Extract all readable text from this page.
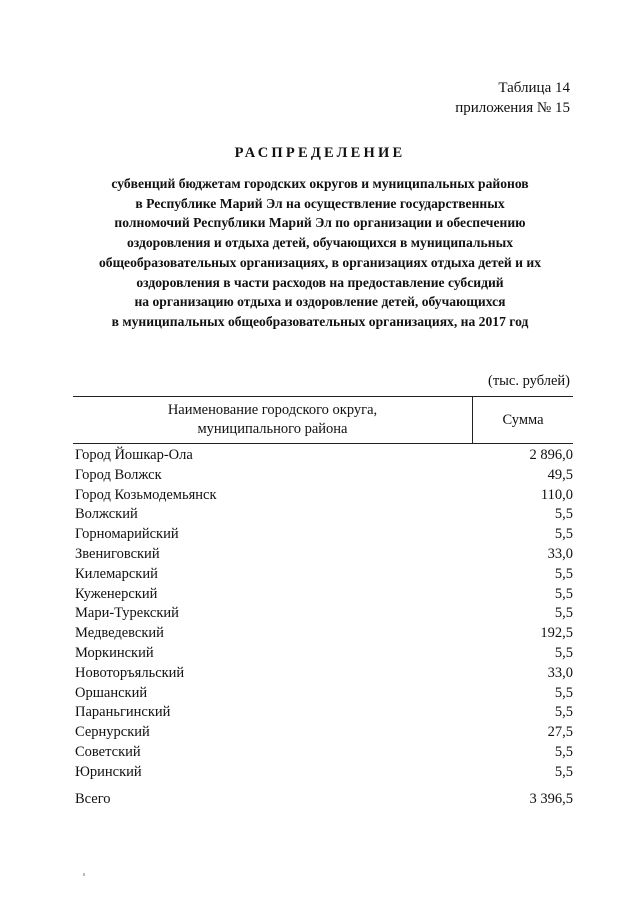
Таблица 14
приложения № 15
РАСПРЕДЕЛЕНИЕ
субвенций бюджетам городских округов и муниципальных районов
в Республике Марий Эл на осуществление государственных
полномочий Республики Марий Эл по организации и обеспечению
оздоровления и отдыха детей, обучающихся в муниципальных
общеобразовательных организациях, в организациях отдыха детей и их
оздоровления в части расходов на предоставление субсидий
на организацию отдыха и оздоровление детей, обучающихся
в муниципальных общеобразовательных организациях, на 2017 год
(тыс. рублей)
Наименование городского округа,
муниципального района
Сумма
Город Йошкар-Ола	2 896,0
Город Волжск	49,5
Город Козьмодемьянск	110,0
Волжский	5,5
Горномарийский	5,5
Звениговский	33,0
Килемарский	5,5
Куженерский	5,5
Мари-Турекский	5,5
Медведевский	192,5
Моркинский	5,5
Новоторъяльский	33,0
Оршанский	5,5
Параньгинский	5,5
Сернурский	27,5
Советский	5,5
Юринский	5,5
Всего	3 396,5
